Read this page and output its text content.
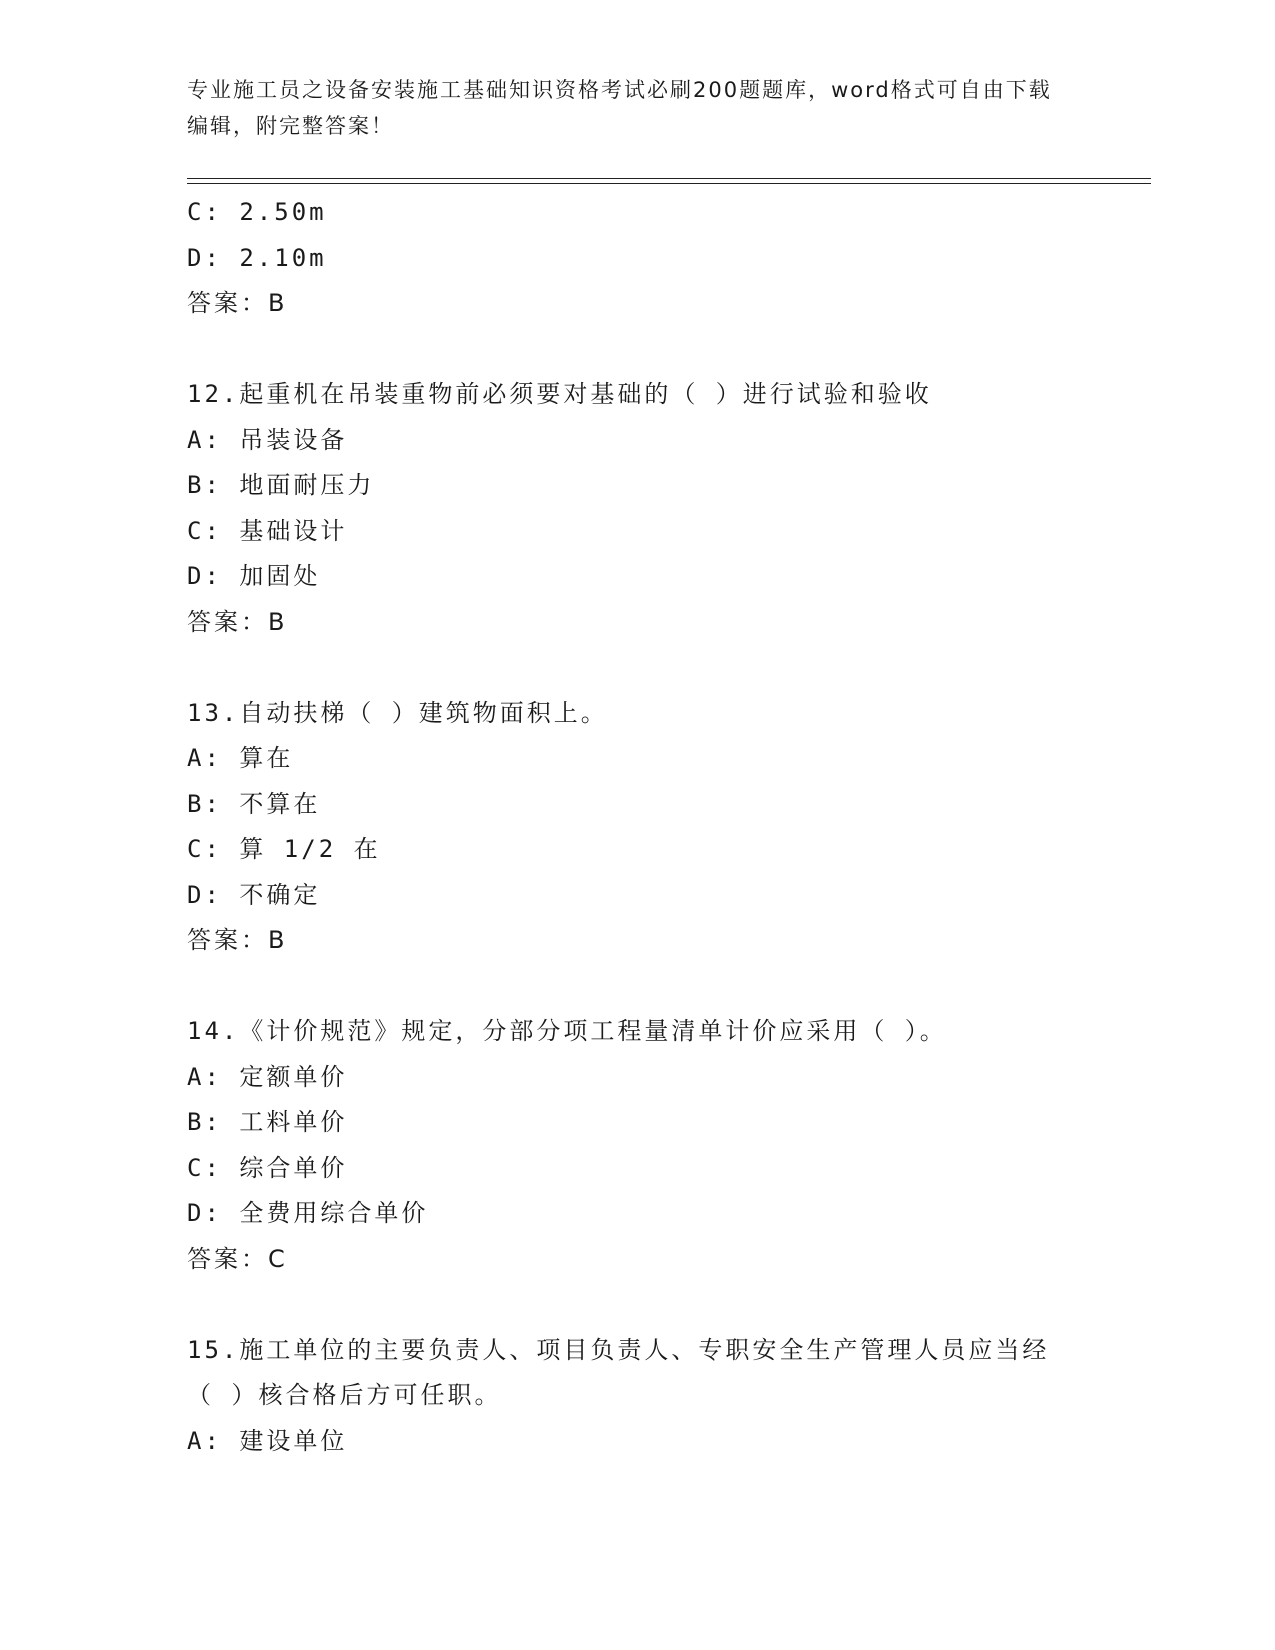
专业施工员之设备安装施工基础知识资格考试必刷200题题库，word格式可自由下载编辑，附完整答案！
C: 2.50m
D: 2.10m
答案：B
12.起重机在吊装重物前必须要对基础的（ ）进行试验和验收
A: 吊装设备
B: 地面耐压力
C: 基础设计
D: 加固处
答案：B
13.自动扶梯（ ）建筑物面积上。
A: 算在
B: 不算在
C: 算 1/2 在
D: 不确定
答案：B
14.《计价规范》规定，分部分项工程量清单计价应采用（ ）。
A: 定额单价
B: 工料单价
C: 综合单价
D: 全费用综合单价
答案：C
15.施工单位的主要负责人、项目负责人、专职安全生产管理人员应当经（ ）核合格后方可任职。
A: 建设单位
